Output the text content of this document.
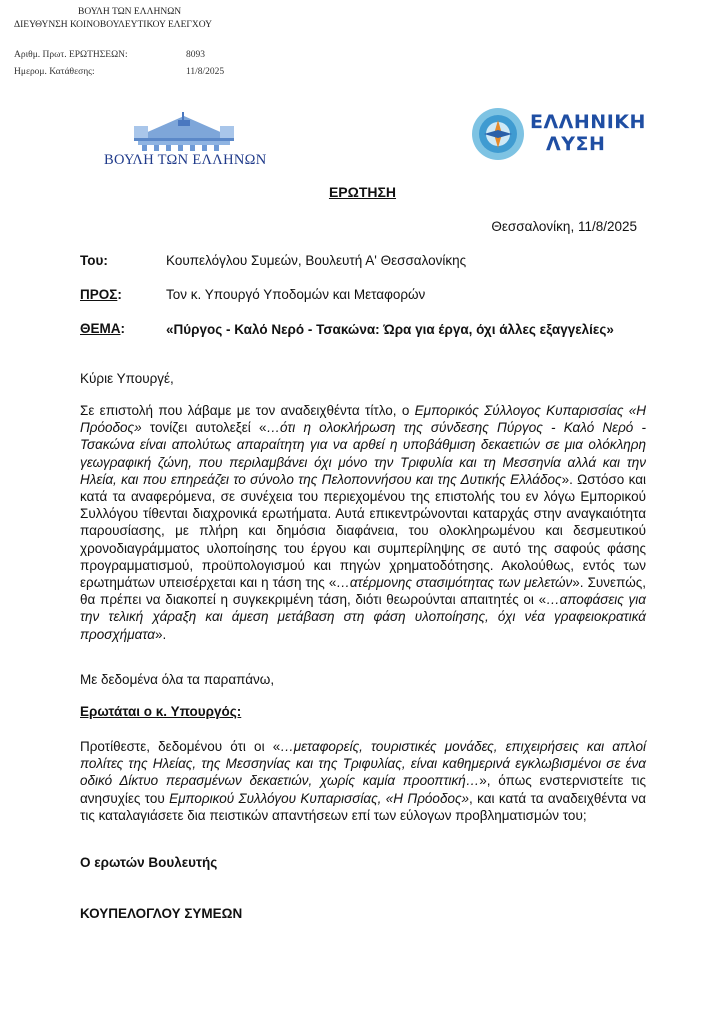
ΒΟΥΛΗ ΤΩΝ ΕΛΛΗΝΩΝ
ΔΙΕΥΘΥΝΣΗ ΚΟΙΝΟΒΟΥΛΕΥΤΙΚΟΥ ΕΛΕΓΧΟΥ
Αριθμ. Πρωτ. ΕΡΩΤΗΣΕΩΝ:	8093
Ημερομ. Κατάθεσης:	11/8/2025
ΒΟΥΛΗ ΤΩΝ ΕΛΛΗΝΩΝ
ΕΛΛΗΝΙΚΗ
ΛΥΣΗ
ΕΡΩΤΗΣΗ
Θεσσαλονίκη, 11/8/2025
Του:	Κουπελόγλου Συμεών, Βουλευτή Α' Θεσσαλονίκης
ΠΡΟΣ:	Τον κ. Υπουργό Υποδομών και Μεταφορών
ΘΕΜΑ:	«Πύργος - Καλό Νερό - Τσακώνα: Ώρα για έργα, όχι άλλες εξαγγελίες»
Κύριε Υπουργέ,
Σε επιστολή που λάβαμε με τον αναδειχθέντα τίτλο, ο Εμπορικός Σύλλογος Κυπαρισσίας «Η Πρόοδος» τονίζει αυτολεξεί «…ότι η ολοκλήρωση της σύνδεσης Πύργος - Καλό Νερό - Τσακώνα είναι απολύτως απαραίτητη για να αρθεί η υποβάθμιση δεκαετιών σε μια ολόκληρη γεωγραφική ζώνη, που περιλαμβάνει όχι μόνο την Τριφυλία και τη Μεσσηνία αλλά και την Ηλεία, και που επηρεάζει το σύνολο της Πελοποννήσου και της Δυτικής Ελλάδος». Ωστόσο και κατά τα αναφερόμενα, σε συνέχεια του περιεχομένου της επιστολής του εν λόγω Εμπορικού Συλλόγου τίθενται διαχρονικά ερωτήματα. Αυτά επικεντρώνονται καταρχάς στην αναγκαιότητα παρουσίασης, με πλήρη και δημόσια διαφάνεια, του ολοκληρωμένου και δεσμευτικού χρονοδιαγράμματος υλοποίησης του έργου και συμπερίληψης σε αυτό της σαφούς φάσης προγραμματισμού, προϋπολογισμού και πηγών χρηματοδότησης. Ακολούθως, εντός των ερωτημάτων υπεισέρχεται και η τάση της «…ατέρμονης στασιμότητας των μελετών». Συνεπώς, θα πρέπει να διακοπεί η συγκεκριμένη τάση, διότι θεωρούνται απαιτητές οι «…αποφάσεις για την τελική χάραξη και άμεση μετάβαση στη φάση υλοποίησης, όχι νέα γραφειοκρατικά προσχήματα».
Με δεδομένα όλα τα παραπάνω,
Ερωτάται ο κ. Υπουργός:
Προτίθεστε, δεδομένου ότι οι «…μεταφορείς, τουριστικές μονάδες, επιχειρήσεις και απλοί πολίτες της Ηλείας, της Μεσσηνίας και της Τριφυλίας, είναι καθημερινά εγκλωβισμένοι σε ένα οδικό Δίκτυο περασμένων δεκαετιών, χωρίς καμία προοπτική…», όπως ενστερνιστείτε τις ανησυχίες του Εμπορικού Συλλόγου Κυπαρισσίας, «Η Πρόοδος», και κατά τα αναδειχθέντα να τις καταλαγιάσετε δια πειστικών απαντήσεων επί των εύλογων προβληματισμών του;
Ο ερωτών Βουλευτής
ΚΟΥΠΕΛΟΓΛΟΥ ΣΥΜΕΩΝ
